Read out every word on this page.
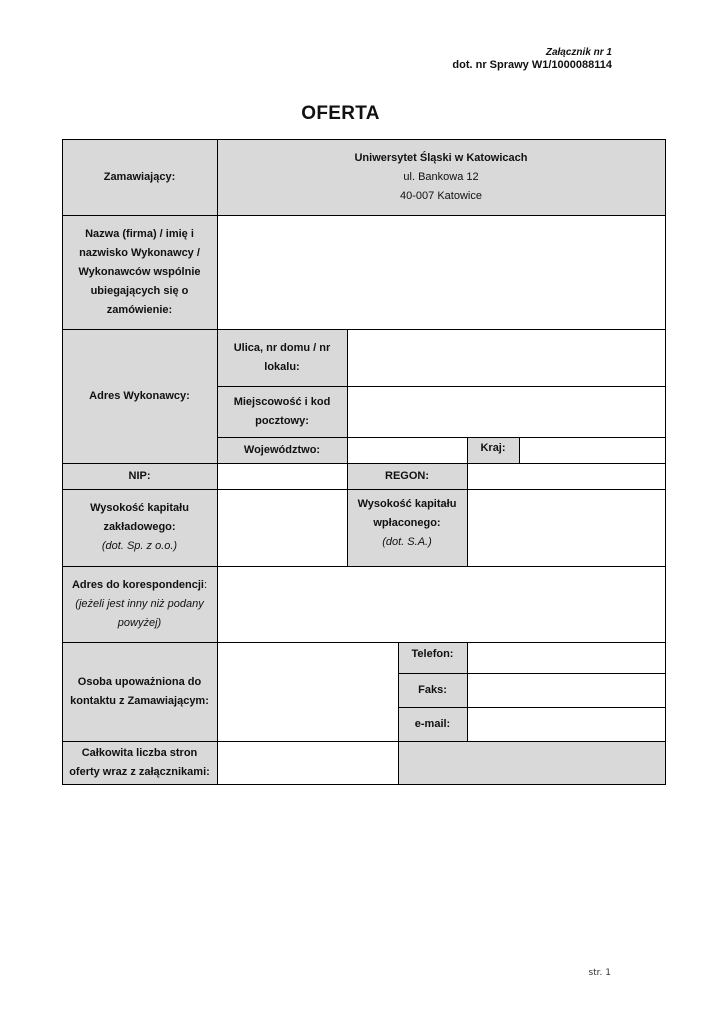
Załącznik nr 1
dot. nr Sprawy W1/1000088114
OFERTA
Zamawiający:
Uniwersytet Śląski w Katowicach
ul. Bankowa 12
40-007 Katowice
Nazwa (firma) / imię i
nazwisko Wykonawcy /
Wykonawców wspólnie
ubiegających się o
zamówienie:
Adres Wykonawcy:
Ulica, nr domu / nr
lokalu:
Miejscowość i kod
pocztowy:
Województwo:	Kraj:
NIP:	REGON:
Wysokość kapitału
zakładowego:
(dot. Sp. z o.o.)
Wysokość kapitału
wpłaconego:
(dot. S.A.)
Adres do korespondencji:
(jeżeli jest inny niż podany
powyżej)
Osoba upoważniona do
kontaktu z Zamawiającym:
Telefon:
Faks:
e-mail:
Całkowita liczba stron
oferty wraz z załącznikami:
str. 1
